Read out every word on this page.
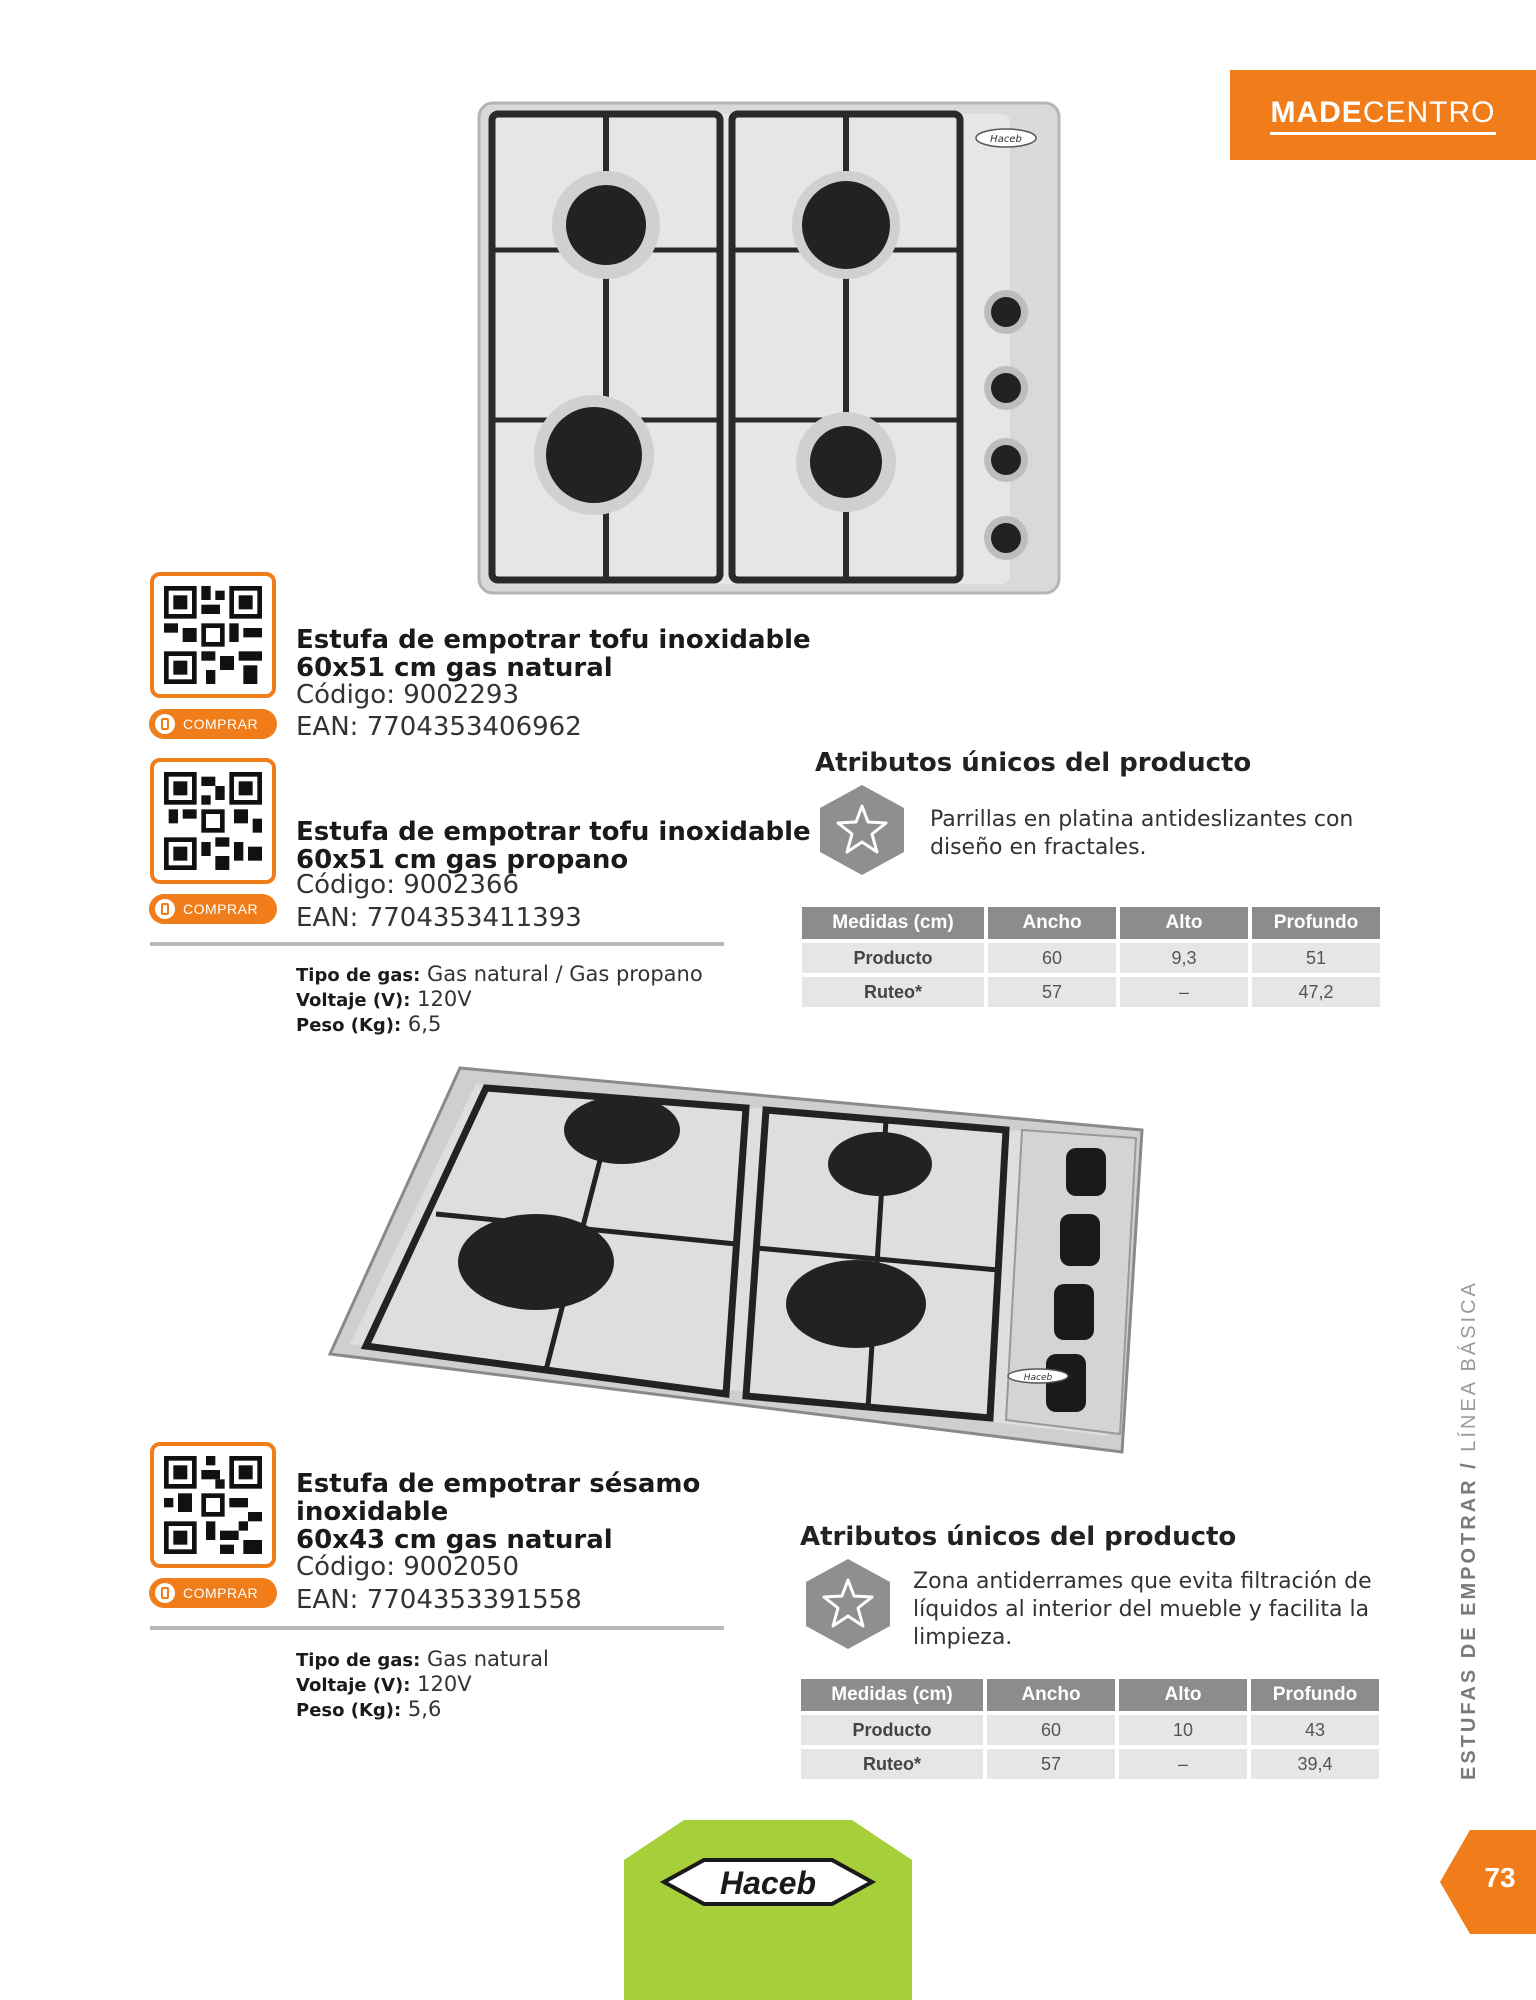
MADECENTRO
Haceb
COMPRAR
Estufa de empotrar tofu inoxidable 60x51 cm gas natural
Código: 9002293
EAN: 7704353406962
COMPRAR
Estufa de empotrar tofu inoxidable 60x51 cm gas propano
Código: 9002366
EAN: 7704353411393
Tipo de gas: Gas natural / Gas propano
Voltaje (V): 120V
Peso (Kg): 6,5
Atributos únicos del producto
Parrillas en platina antideslizantes con diseño en fractales.
Medidas (cm)	Ancho	Alto	Profundo
Producto	60	9,3	51
Ruteo*	57	–	47,2
Haceb
COMPRAR
Estufa de empotrar sésamo
inoxidable
60x43 cm gas natural
Código: 9002050
EAN: 7704353391558
Tipo de gas: Gas natural
Voltaje (V): 120V
Peso (Kg): 5,6
Atributos únicos del producto
Zona antiderrames que evita filtración de líquidos al interior del mueble y facilita la limpieza.
Medidas (cm)	Ancho	Alto	Profundo
Producto	60	10	43
Ruteo*	57	–	39,4	ESTUFAS DE EMPOTRAR / LÍNEA BÁSICA
73
Haceb
